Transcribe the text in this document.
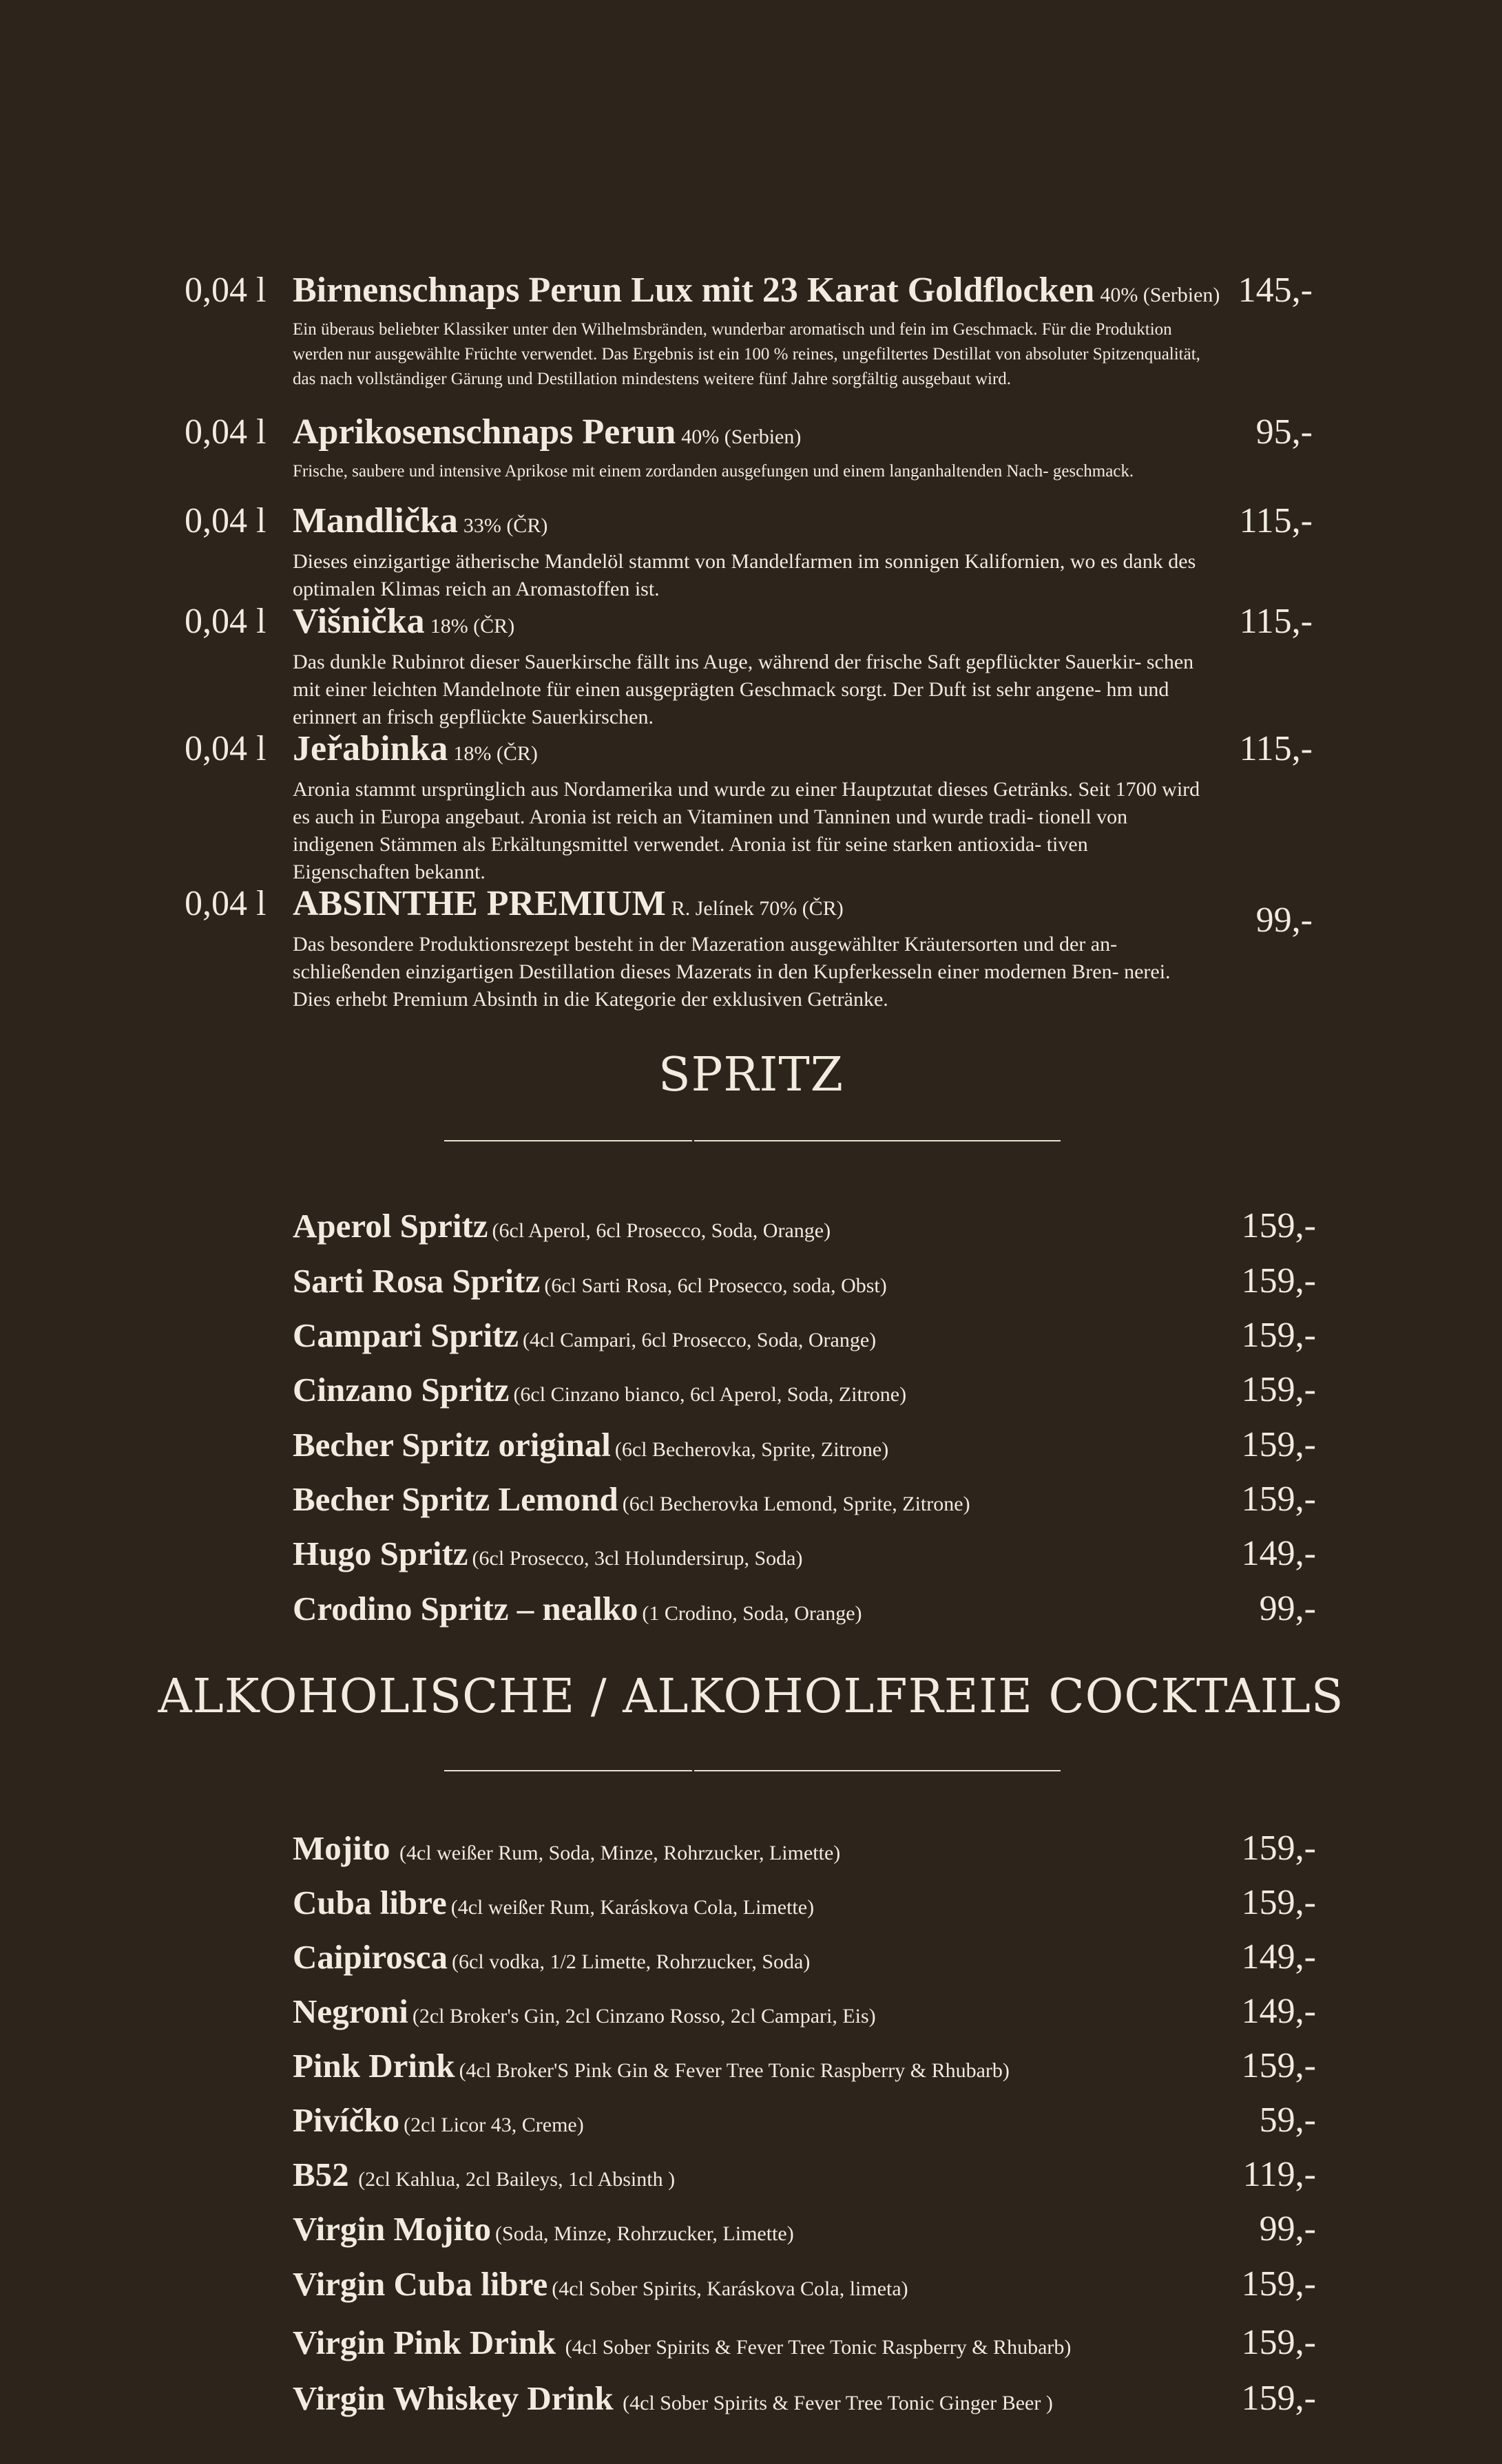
0,04 l Birnenschnaps Perun Lux mit 23 Karat Goldflocken 40% (Serbien)
Ein überaus beliebter Klassiker unter den Wilhelmsbränden, wunderbar aromatisch und fein im Geschmack. Für die Produktion werden nur ausgewählte Früchte verwendet. Das Ergebnis ist ein 100 % reines, ungefiltertes Destillat von absoluter Spitzenqualität, das nach vollständiger Gärung und Destillation mindestens weitere fünf Jahre sorgfältig ausgebaut wird.
145,-
0,04 l Aprikosenschnaps Perun 40% (Serbien)
Frische, saubere und intensive Aprikose mit einem zordanden ausgefungen und einem langanhaltenden Nach- geschmack.
95,-
0,04 l Mandlička 33% (ČR)
Dieses einzigartige ätherische Mandelöl stammt von Mandelfarmen im sonnigen Kalifornien, wo es dank des optimalen Klimas reich an Aromastoffen ist.
115,-
0,04 l Višnička 18% (ČR)
Das dunkle Rubinrot dieser Sauerkirsche fällt ins Auge, während der frische Saft gepflückter Sauerkir- schen mit einer leichten Mandelnote für einen ausgeprägten Geschmack sorgt. Der Duft ist sehr angene- hm und erinnert an frisch gepflückte Sauerkirschen.
115,-
0,04 l Jeřabinka 18% (ČR)
Aronia stammt ursprünglich aus Nordamerika und wurde zu einer Hauptzutat dieses Getränks. Seit 1700 wird es auch in Europa angebaut. Aronia ist reich an Vitaminen und Tanninen und wurde tradi- tionell von indigenen Stämmen als Erkältungsmittel verwendet. Aronia ist für seine starken antioxida- tiven Eigenschaften bekannt.
115,-
0,04 l ABSINTHE PREMIUM R. Jelínek 70% (ČR)
Das besondere Produktionsrezept besteht in der Mazeration ausgewählter Kräutersorten und der an- schließenden einzigartigen Destillation dieses Mazerats in den Kupferkesseln einer modernen Bren- nerei. Dies erhebt Premium Absinth in die Kategorie der exklusiven Getränke.
99,-
SPRITZ
Aperol Spritz (6cl Aperol, 6cl Prosecco, Soda, Orange)	159,-
Sarti Rosa Spritz (6cl Sarti Rosa, 6cl Prosecco, soda, Obst)	159,-
Campari Spritz (4cl Campari, 6cl Prosecco, Soda, Orange)	159,-
Cinzano Spritz (6cl Cinzano bianco, 6cl Aperol, Soda, Zitrone)	159,-
Becher Spritz original (6cl Becherovka, Sprite, Zitrone)	159,-
Becher Spritz Lemond (6cl Becherovka Lemond, Sprite, Zitrone)	159,-
Hugo Spritz (6cl Prosecco, 3cl Holundersirup, Soda)	149,-
Crodino Spritz – nealko (1 Crodino, Soda, Orange)	99,-
ALKOHOLISCHE / ALKOHOLFREIE COCKTAILS
Mojito (4cl weißer Rum, Soda, Minze, Rohrzucker, Limette)	159,-
Cuba libre (4cl weißer Rum, Karáskova Cola, Limette)	159,-
Caipirosca (6cl vodka, 1/2 Limette, Rohrzucker, Soda)	149,-
Negroni (2cl Broker's Gin, 2cl Cinzano Rosso, 2cl Campari, Eis)	149,-
Pink Drink (4cl Broker'S Pink Gin & Fever Tree Tonic Raspberry & Rhubarb)	159,-
Pivíčko (2cl Licor 43, Creme)	59,-
B52 (2cl Kahlua, 2cl Baileys, 1cl Absinth )	119,-
Virgin Mojito (Soda, Minze, Rohrzucker, Limette)	99,-
Virgin Cuba libre (4cl Sober Spirits, Karáskova Cola, limeta)	159,-
Virgin Pink Drink (4cl Sober Spirits & Fever Tree Tonic Raspberry & Rhubarb)	159,-
Virgin Whiskey Drink (4cl Sober Spirits & Fever Tree Tonic Ginger Beer )	159,-
